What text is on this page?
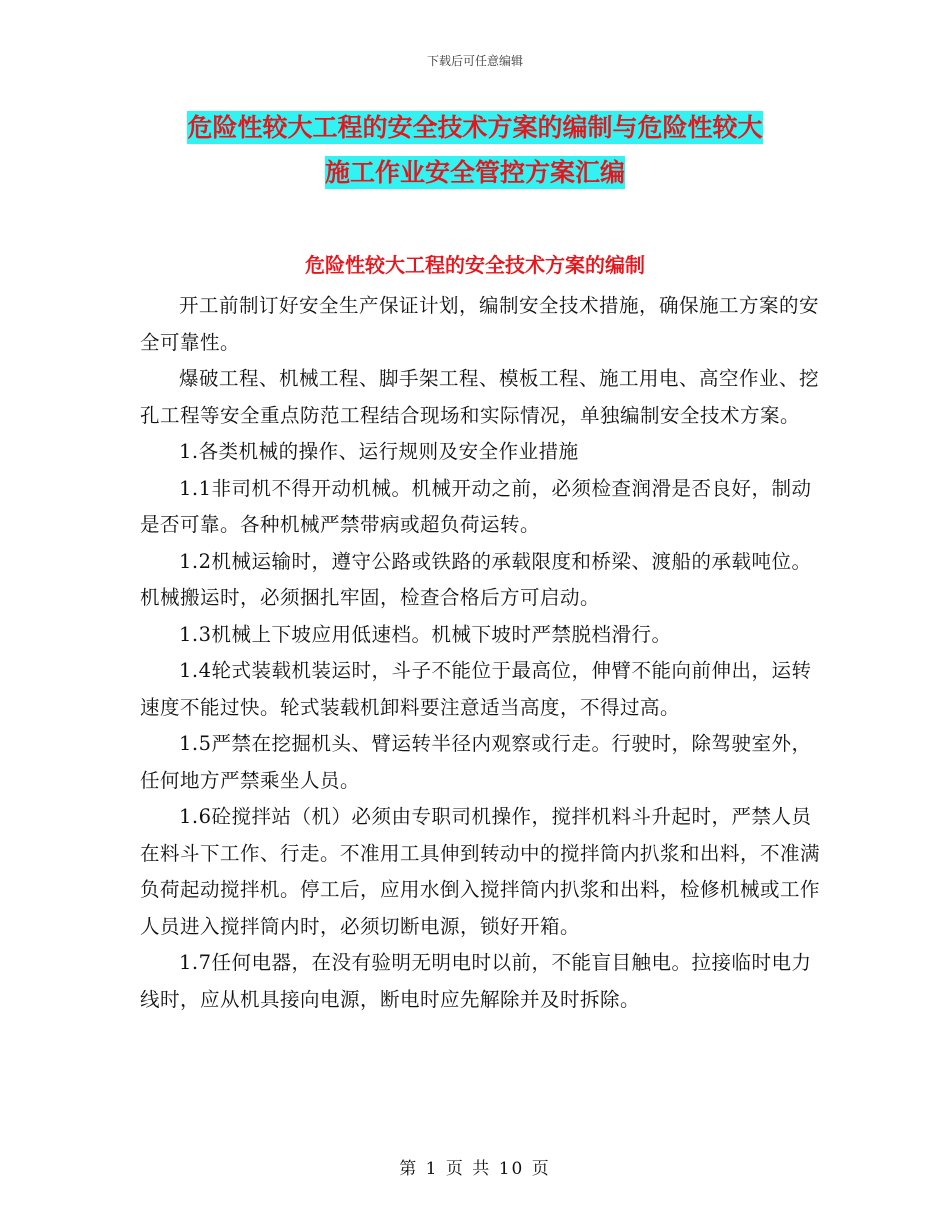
下载后可任意编辑
危险性较大工程的安全技术方案的编制与危险性较大
施工作业安全管控方案汇编
危险性较大工程的安全技术方案的编制

开工前制订好安全生产保证计划，编制安全技术措施，确保施工方案的安全可靠性。

爆破工程、机械工程、脚手架工程、模板工程、施工用电、高空作业、挖孔工程等安全重点防范工程结合现场和实际情况，单独编制安全技术方案。

1.各类机械的操作、运行规则及安全作业措施

1.1非司机不得开动机械。机械开动之前，必须检查润滑是否良好，制动是否可靠。各种机械严禁带病或超负荷运转。

1.2机械运输时，遵守公路或铁路的承载限度和桥梁、渡船的承载吨位。机械搬运时，必须捆扎牢固，检查合格后方可启动。

1.3机械上下坡应用低速档。机械下坡时严禁脱档滑行。

1.4轮式装载机装运时，斗子不能位于最高位，伸臂不能向前伸出，运转速度不能过快。轮式装载机卸料要注意适当高度，不得过高。

1.5严禁在挖掘机头、臂运转半径内观察或行走。行驶时，除驾驶室外，任何地方严禁乘坐人员。

1.6砼搅拌站（机）必须由专职司机操作，搅拌机料斗升起时，严禁人员在料斗下工作、行走。不准用工具伸到转动中的搅拌筒内扒浆和出料，不准满负荷起动搅拌机。停工后，应用水倒入搅拌筒内扒浆和出料，检修机械或工作人员进入搅拌筒内时，必须切断电源，锁好开箱。

1.7任何电器，在没有验明无明电时以前，不能盲目触电。拉接临时电力线时，应从机具接向电源，断电时应先解除并及时拆除。

第 1 页 共 10 页
